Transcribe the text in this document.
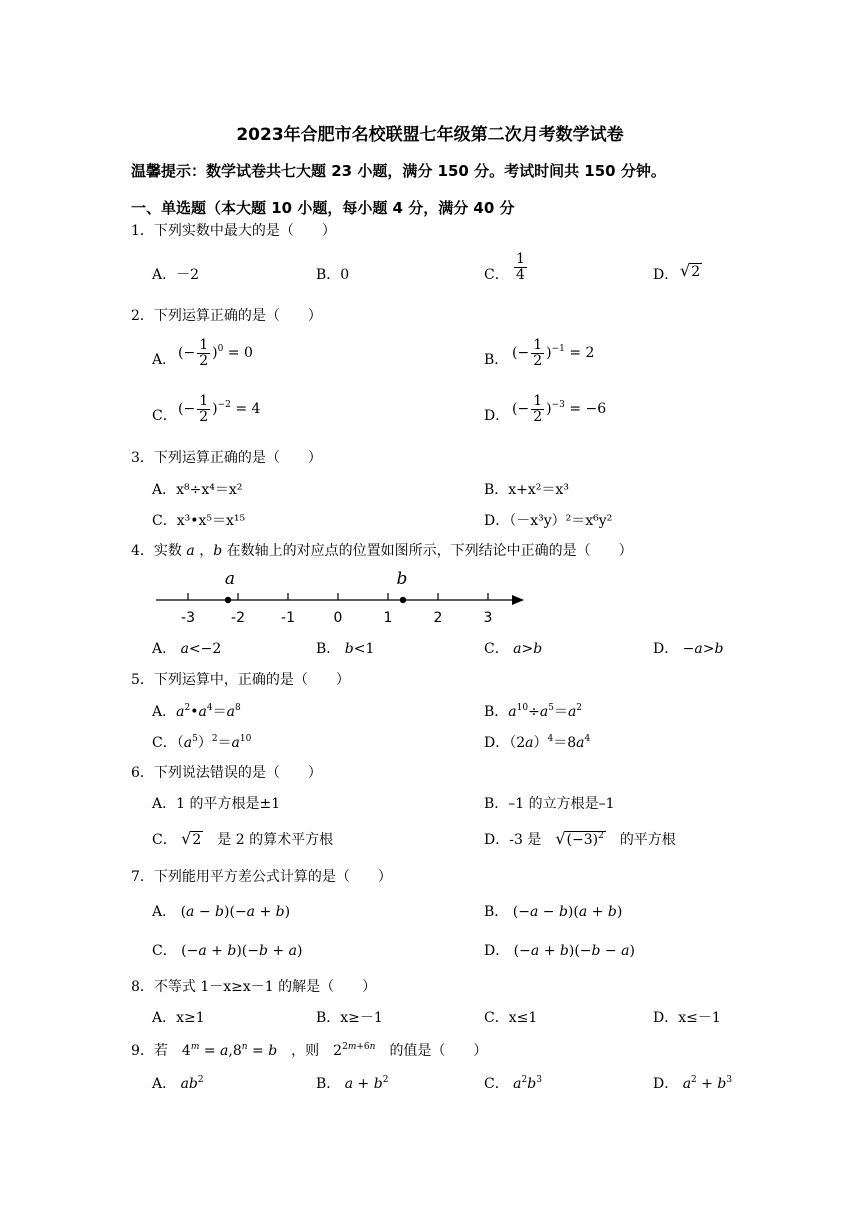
2023年合肥市名校联盟七年级第二次月考数学试卷
温馨提示：数学试卷共七大题 23 小题，满分 150 分。考试时间共 150 分钟。
一、单选题（本大题 10 小题，每小题 4 分，满分 40 分
1．下列实数中最大的是（　　）
A．－2	B．0	C． $\frac{1}{4}$	D． √2
2．下列运算正确的是（　　）
A． (− $\frac{1}{2} )^0 = 0$	B． (− $\frac{1}{2} )^{-1} = 2$
C． (− $\frac{1}{2} )^{-2} = 4$	D． (− $\frac{1}{2} )^{-3} = -6$
3．下列运算正确的是（　　）
A．x⁸÷x⁴＝x²	B．x+x²＝x³
C．x³•x⁵＝x¹⁵	D．（－x³y）²＝x⁶y²
4．实数 a ，b 在数轴上的对应点的位置如图所示，下列结论中正确的是（　　）
-3	-2	-1	0	1	2	3
a	b
A． a<−2	B． b<1	C． a>b	D． −a>b
5．下列运算中，正确的是（　　）
A．$a^2•a^4=a^8$	B．$a^{10}\div a^5=a^2$
C．$(a^5)^2=a^{10}$	D．$(2a)^4=8a^4$
6．下列说法错误的是（　　）
A．1 的平方根是±1	B．–1 的立方根是–1
C． √2　 是 2 的算术平方根	D．-3 是　 $√(-3)^2$　 的平方根
7．下列能用平方差公式计算的是（　　）
A． (a − b)(−a + b)	B． (−a − b)(a + b)
C． (−a + b)(−b + a)	D． (−a + b)(−b − a)
8．不等式 1－x≥x－1 的解是（　　）
A．x≥1	B．x≥－1	C．x≤1	D．x≤－1
9．若　$4^m = a,8^n = b$　 ，则　$2^{2m+6n}$　 的值是（　　）
A． $ab^2$	B． $a + b^2$	C． $a^2b^3$	D． $a^2 + b^3$
